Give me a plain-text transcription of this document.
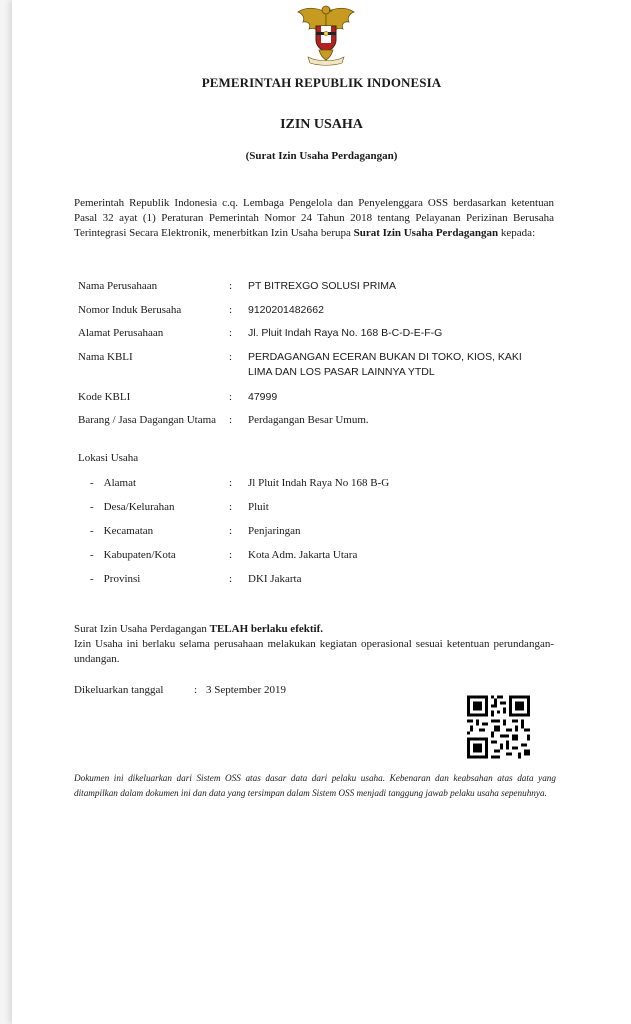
PEMERINTAH REPUBLIK INDONESIA
IZIN USAHA
(Surat Izin Usaha Perdagangan)
Pemerintah Republik Indonesia c.q. Lembaga Pengelola dan Penyelenggara OSS berdasarkan ketentuan Pasal 32 ayat (1) Peraturan Pemerintah Nomor 24 Tahun 2018 tentang Pelayanan Perizinan Berusaha Terintegrasi Secara Elektronik, menerbitkan Izin Usaha berupa Surat Izin Usaha Perdagangan kepada:
Nama Perusahaan	: PT BITREXGO SOLUSI PRIMA
Nomor Induk Berusaha	: 9120201482662
Alamat Perusahaan	: Jl. Pluit Indah Raya No. 168 B-C-D-E-F-G
Nama KBLI	: PERDAGANGAN ECERAN BUKAN DI TOKO, KIOS, KAKI LIMA DAN LOS PASAR LAINNYA YTDL
Kode KBLI	: 47999
Barang / Jasa Dagangan Utama : Perdagangan Besar Umum.
Lokasi Usaha
- Alamat	: Jl Pluit Indah Raya No 168 B-G
- Desa/Kelurahan	: Pluit
- Kecamatan	: Penjaringan
- Kabupaten/Kota	: Kota Adm. Jakarta Utara
- Provinsi	: DKI Jakarta
Surat Izin Usaha Perdagangan TELAH berlaku efektif.
Izin Usaha ini berlaku selama perusahaan melakukan kegiatan operasional sesuai ketentuan perundangan-undangan.
Dikeluarkan tanggal	: 3 September 2019
Dokumen ini dikeluarkan dari Sistem OSS atas dasar data dari pelaku usaha. Kebenaran dan keabsahan atas data yang ditampilkan dalam dokumen ini dan data yang tersimpan dalam Sistem OSS menjadi tanggung jawab pelaku usaha sepenuhnya.
